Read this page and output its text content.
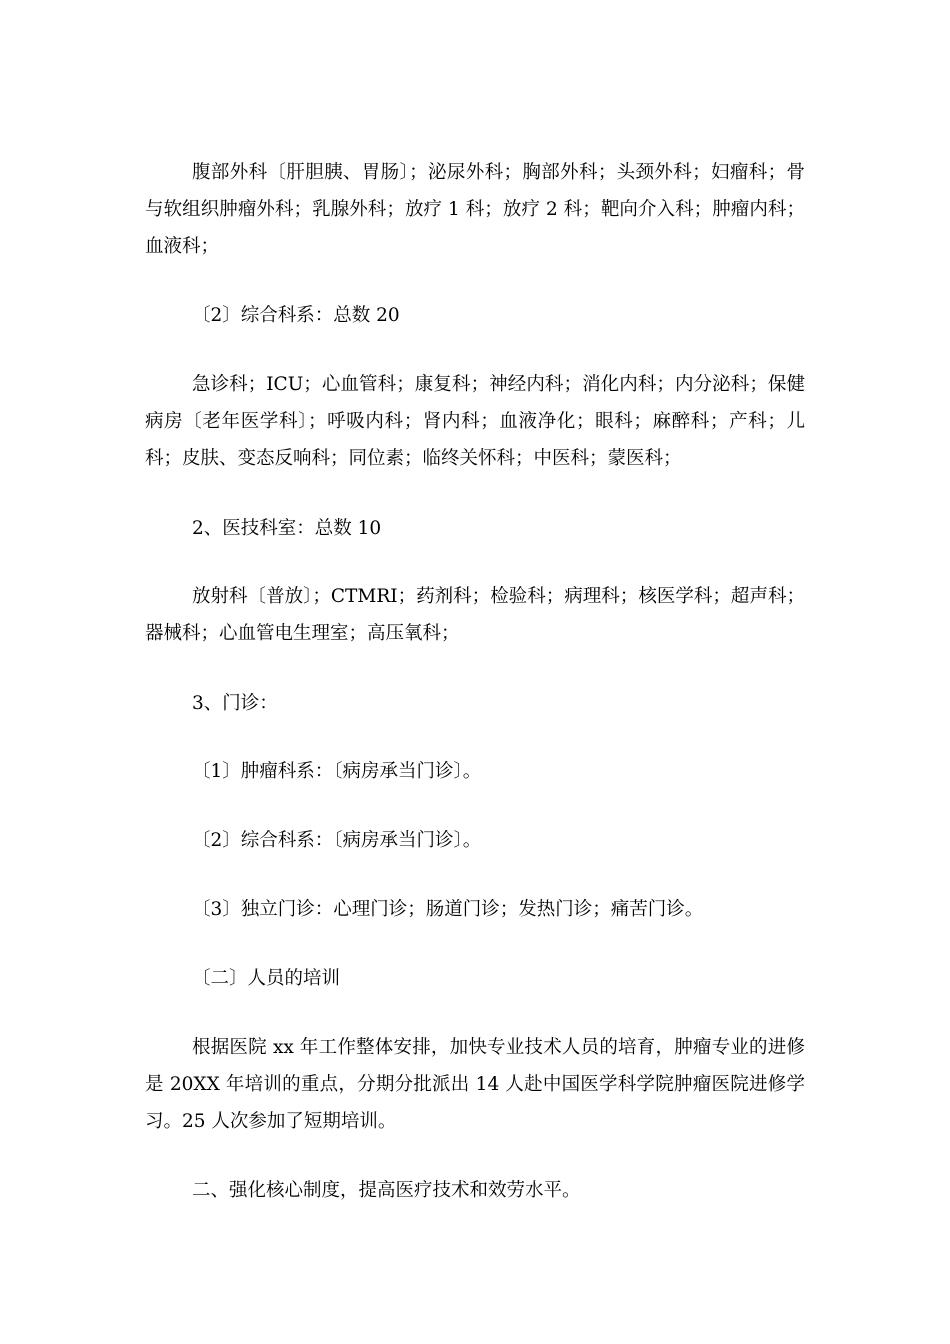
腹部外科〔肝胆胰、胃肠〕；泌尿外科；胸部外科；头颈外科；妇瘤科；骨与软组织肿瘤外科；乳腺外科；放疗 1 科；放疗 2 科；靶向介入科；肿瘤内科；血液科；

〔2〕综合科系：总数 20

急诊科；ICU；心血管科；康复科；神经内科；消化内科；内分泌科；保健病房〔老年医学科〕；呼吸内科；肾内科；血液净化；眼科；麻醉科；产科；儿科；皮肤、变态反响科；同位素；临终关怀科；中医科；蒙医科；

2、医技科室：总数 10

放射科〔普放〕；CTMRI；药剂科；检验科；病理科；核医学科；超声科；器械科；心血管电生理室；高压氧科；

3、门诊：

〔1〕肿瘤科系：〔病房承当门诊〕。

〔2〕综合科系：〔病房承当门诊〕。

〔3〕独立门诊：心理门诊；肠道门诊；发热门诊；痛苦门诊。

〔二〕人员的培训

根据医院 xx 年工作整体安排，加快专业技术人员的培育，肿瘤专业的进修是 20XX 年培训的重点，分期分批派出 14 人赴中国医学科学院肿瘤医院进修学习。25 人次参加了短期培训。

二、强化核心制度，提高医疗技术和效劳水平。
